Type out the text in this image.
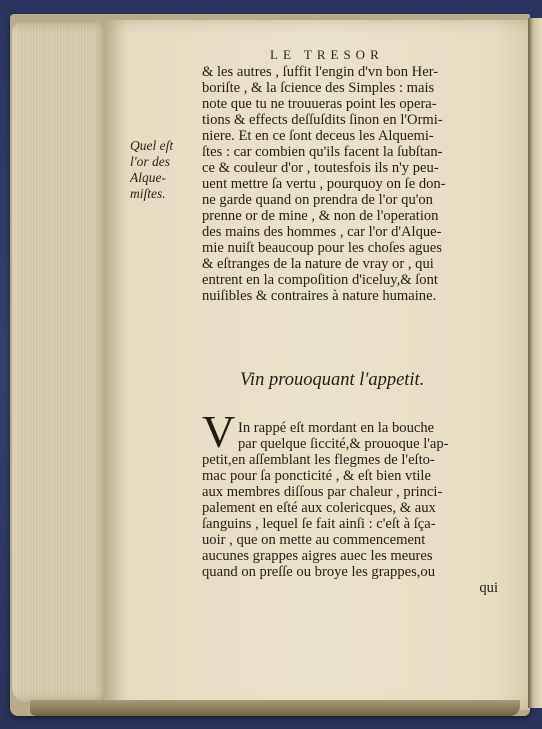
LE TRESOR
Quel eſt
l'or des
Alque-
miſtes.
& les autres , ſuffit l'engin d'vn bon Her-
boriſte , & la ſcience des Simples : mais
note que tu ne trouueras point les opera-
tions & effects deſſuſdits ſinon en l'Ormi-
niere. Et en ce ſont deceus les Alquemi-
ſtes : car combien qu'ils facent la ſubſtan-
ce & couleur d'or , toutesfois ils n'y peu-
uent mettre ſa vertu , pourquoy on ſe don-
ne garde quand on prendra de l'or qu'on
prenne or de mine , & non de l'operation
des mains des hommes , car l'or d'Alque-
mie nuiſt beaucoup pour les choſes agues
& eſtranges de la nature de vray or , qui
entrent en la compoſition d'iceluy,& ſont
nuiſibles & contraires à nature humaine.
Vin prouoquant l'appetit.
V In rappé eſt mordant en la bouche
par quelque ſiccité,& prouoque l'ap-
petit,en aſſemblant les flegmes de l'eſto-
mac pour ſa poncticité , & eſt bien vtile
aux membres diſſous par chaleur , princi-
palement en eſté aux colericques, & aux
ſanguins , lequel ſe fait ainſi : c'eſt à ſça-
uoir , que on mette au commencement
aucunes grappes aigres auec les meures
quand on preſſe ou broye les grappes,ou
qui
